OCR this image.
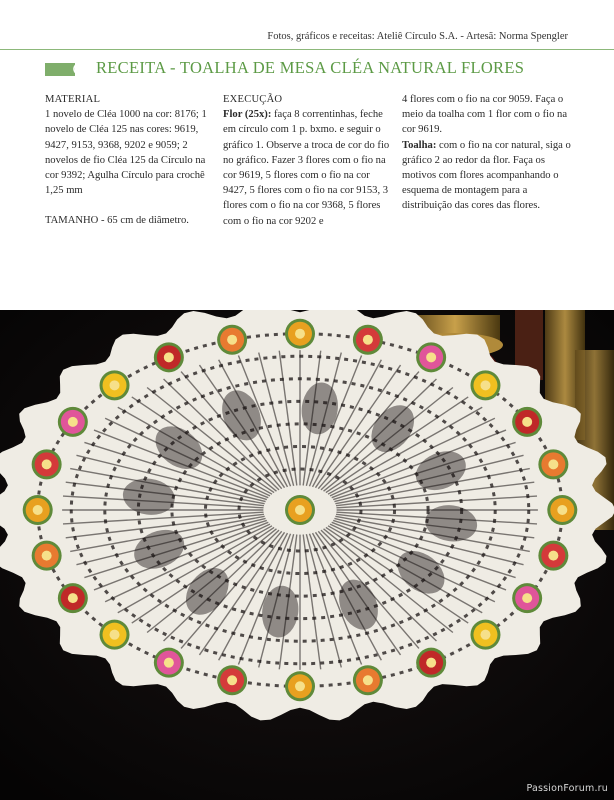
Fotos, gráficos e receitas: Ateliê Círculo S.A. - Artesã: Norma Spengler
RECEITA - TOALHA DE MESA CLÉA NATURAL FLORES

MATERIAL

1 novelo de Cléa 1000 na cor: 8176; 1 novelo de Cléa 125 nas cores: 9619, 9427, 9153, 9368, 9202 e 9059; 2 novelos de fio Cléa 125 da Círculo na cor 9392; Agulha Círculo para crochê 1,25 mm

TAMANHO - 65 cm de diâmetro.

EXECUÇÃO

Flor (25x): faça 8 correntinhas, feche em círculo com 1 p. bxmo. e seguir o gráfico 1. Observe a troca de cor do fio no gráfico. Fazer 3 flores com o fio na cor 9619, 5 flores com o fio na cor 9427, 5 flores com o fio na cor 9153, 3 flores com o fio na cor 9368, 5 flores com o fio na cor 9202 e

4 flores com o fio na cor 9059. Faça o meio da toalha com 1 flor com o fio na cor 9619.

Toalha: com o fio na cor natural, siga o gráfico 2 ao redor da flor. Faça os motivos com flores acompanhando o esquema de montagem para a distribuição das cores das flores.

PassionForum.ru
